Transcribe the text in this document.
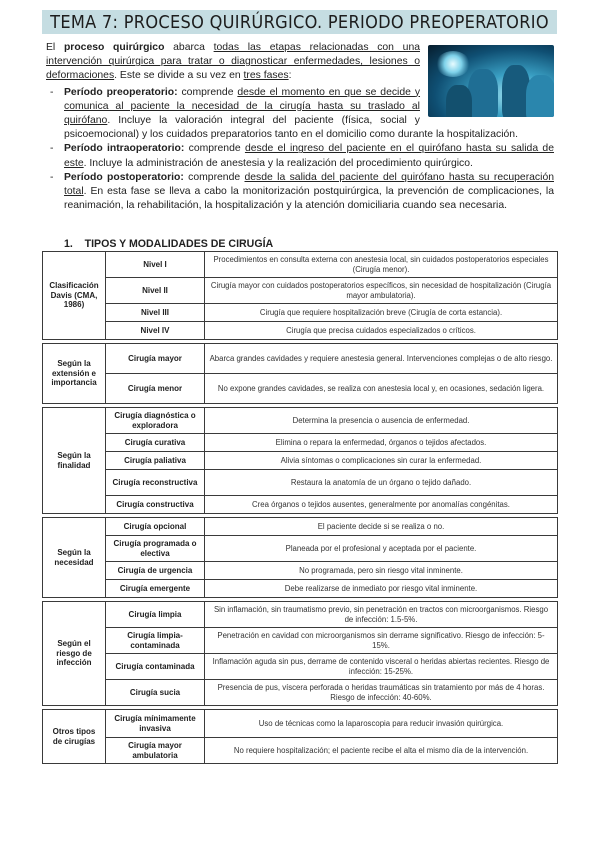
TEMA 7: PROCESO QUIRÚRGICO. PERIODO PREOPERATORIO

El proceso quirúrgico abarca todas las etapas relacionadas con una intervención quirúrgica para tratar o diagnosticar enfermedades, lesiones o deformaciones. Este se divide a su vez en tres fases:

- Período preoperatorio: comprende desde el momento en que se decide y comunica al paciente la necesidad de la cirugía hasta su traslado al quirófano. Incluye la valoración integral del paciente (física, social y psicoemocional) y los cuidados preparatorios tanto en el domicilio como durante la hospitalización.
- Período intraoperatorio: comprende desde el ingreso del paciente en el quirófano hasta su salida de este. Incluye la administración de anestesia y la realización del procedimiento quirúrgico.
- Período postoperatorio: comprende desde la salida del paciente del quirófano hasta su recuperación total. En esta fase se lleva a cabo la monitorización postquirúrgica, la prevención de complicaciones, la reanimación, la rehabilitación, la hospitalización y la atención domiciliaria cuando sea necesaria.
1.    TIPOS Y MODALIDADES DE CIRUGÍA
Clasificación Davis (CMA, 1986)	Nivel I	Procedimientos en consulta externa con anestesia local, sin cuidados postoperatorios especiales (Cirugía menor).
	Nivel II	Cirugía mayor con cuidados postoperatorios específicos, sin necesidad de hospitalización (Cirugía mayor ambulatoria).
	Nivel III	Cirugía que requiere hospitalización breve (Cirugía de corta estancia).
	Nivel IV	Cirugía que precisa cuidados especializados o críticos.

Según la extensión e importancia	Cirugía mayor	Abarca grandes cavidades y requiere anestesia general. Intervenciones complejas o de alto riesgo.
	Cirugía menor	No expone grandes cavidades, se realiza con anestesia local y, en ocasiones, sedación ligera.

Según la finalidad	Cirugía diagnóstica o exploradora	Determina la presencia o ausencia de enfermedad.
	Cirugía curativa	Elimina o repara la enfermedad, órganos o tejidos afectados.
	Cirugía paliativa	Alivia síntomas o complicaciones sin curar la enfermedad.
	Cirugía reconstructiva	Restaura la anatomía de un órgano o tejido dañado.
	Cirugía constructiva	Crea órganos o tejidos ausentes, generalmente por anomalías congénitas.

Según la necesidad	Cirugía opcional	El paciente decide si se realiza o no.
	Cirugía programada o electiva	Planeada por el profesional y aceptada por el paciente.
	Cirugía de urgencia	No programada, pero sin riesgo vital inminente.
	Cirugía emergente	Debe realizarse de inmediato por riesgo vital inminente.

Según el riesgo de infección	Cirugía limpia	Sin inflamación, sin traumatismo previo, sin penetración en tractos con microorganismos. Riesgo de infección: 1.5-5%.
	Cirugía limpia-contaminada	Penetración en cavidad con microorganismos sin derrame significativo. Riesgo de infección: 5-15%.
	Cirugía contaminada	Inflamación aguda sin pus, derrame de contenido visceral o heridas abiertas recientes. Riesgo de infección: 15-25%.
	Cirugía sucia	Presencia de pus, víscera perforada o heridas traumáticas sin tratamiento por más de 4 horas. Riesgo de infección: 40-60%.

Otros tipos de cirugías	Cirugía mínimamente invasiva	Uso de técnicas como la laparoscopia para reducir invasión quirúrgica.
	Cirugía mayor ambulatoria	No requiere hospitalización; el paciente recibe el alta el mismo día de la intervención.
